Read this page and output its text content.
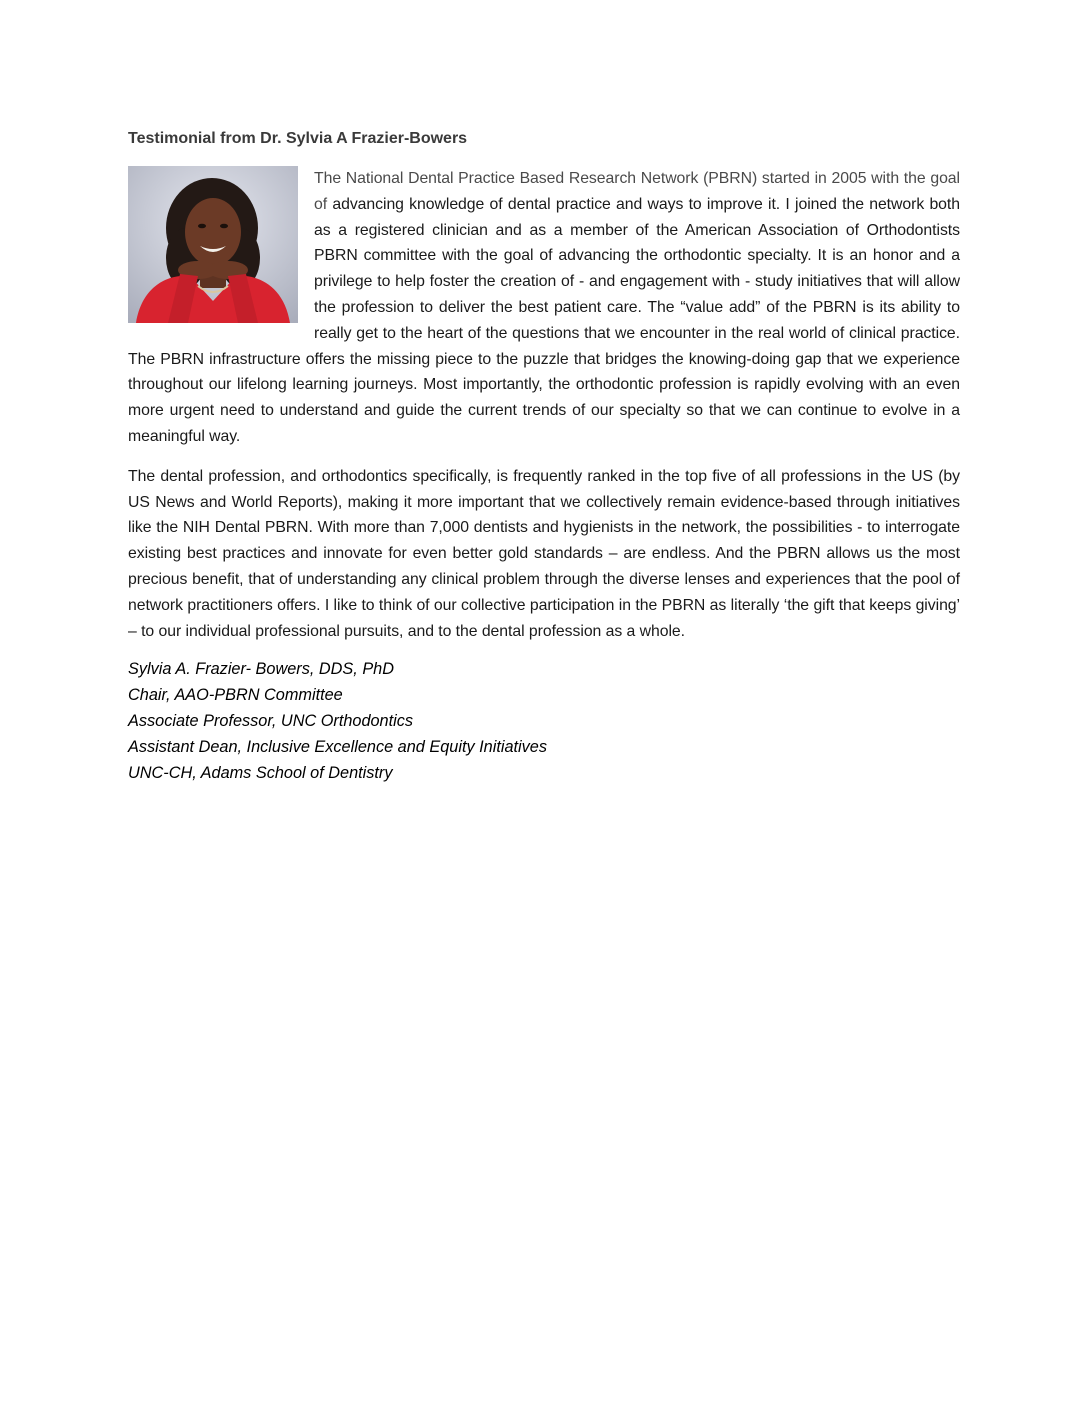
Testimonial from Dr. Sylvia A Frazier-Bowers

The National Dental Practice Based Research Network (PBRN) started in 2005 with the goal of advancing knowledge of dental practice and ways to improve it. I joined the network both as a registered clinician and as a member of the American Association of Orthodontists PBRN committee with the goal of advancing the orthodontic specialty. It is an honor and a privilege to help foster the creation of - and engagement with - study initiatives that will allow the profession to deliver the best patient care. The “value add” of the PBRN is its ability to really get to the heart of the questions that we encounter in the real world of clinical practice. The PBRN infrastructure offers the missing piece to the puzzle that bridges the knowing-doing gap that we experience throughout our lifelong learning journeys. Most importantly, the orthodontic profession is rapidly evolving with an even more urgent need to understand and guide the current trends of our specialty so that we can continue to evolve in a meaningful way.

The dental profession, and orthodontics specifically, is frequently ranked in the top five of all professions in the US (by US News and World Reports), making it more important that we collectively remain evidence-based through initiatives like the NIH Dental PBRN. With more than 7,000 dentists and hygienists in the network, the possibilities - to interrogate existing best practices and innovate for even better gold standards – are endless. And the PBRN allows us the most precious benefit, that of understanding any clinical problem through the diverse lenses and experiences that the pool of network practitioners offers. I like to think of our collective participation in the PBRN as literally ‘the gift that keeps giving’ – to our individual professional pursuits, and to the dental profession as a whole.

Sylvia A. Frazier- Bowers, DDS, PhD

Chair, AAO-PBRN Committee

Associate Professor, UNC Orthodontics

Assistant Dean, Inclusive Excellence and Equity Initiatives

UNC-CH, Adams School of Dentistry
